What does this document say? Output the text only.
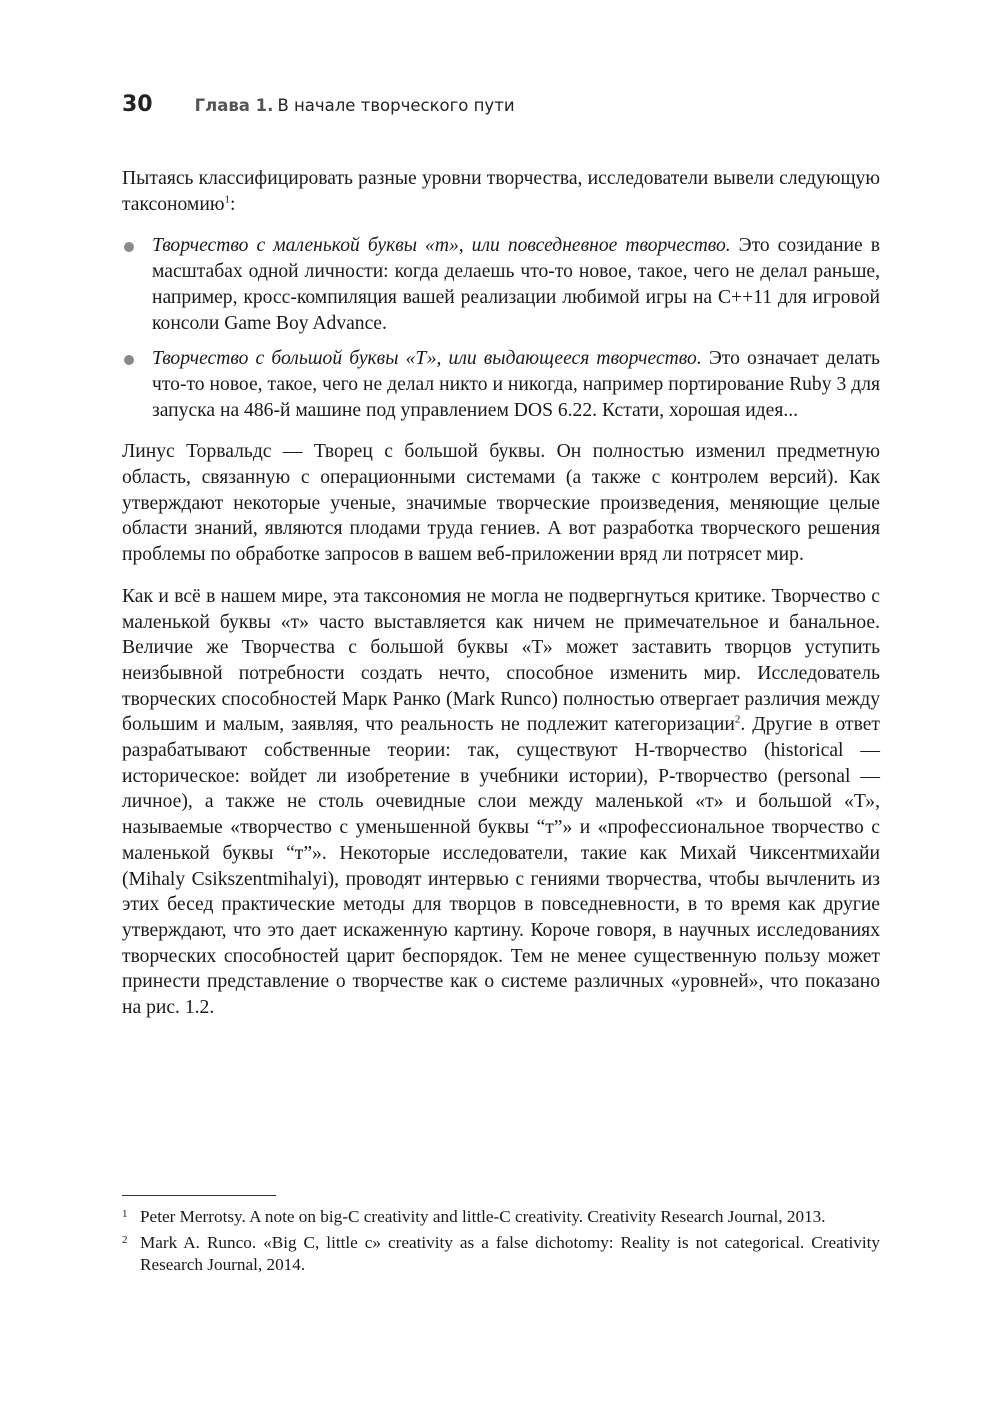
30	Глава 1. В начале творческого пути

Пытаясь классифицировать разные уровни творчества, исследователи вывели следующую таксономию$^1$:

Творчество с маленькой буквы «т», или повседневное творчество. Это созидание в масштабах одной личности: когда делаешь что-то новое, такое, чего не делал раньше, например, кросс-компиляция вашей реализации любимой игры на C++11 для игровой консоли Game Boy Advance.
Творчество с большой буквы «Т», или выдающееся творчество. Это означает делать что-то новое, такое, чего не делал никто и никогда, например портирование Ruby 3 для запуска на 486-й машине под управлением DOS 6.22. Кстати, хорошая идея...

Линус Торвальдс — Творец с большой буквы. Он полностью изменил предметную область, связанную с операционными системами (а также с контролем версий). Как утверждают некоторые ученые, значимые творческие произведения, меняющие целые области знаний, являются плодами труда гениев. А вот разработка творческого решения проблемы по обработке запросов в вашем веб-приложении вряд ли потрясет мир.

Как и всё в нашем мире, эта таксономия не могла не подвергнуться критике. Творчество с маленькой буквы «т» часто выставляется как ничем не примечательное и банальное. Величие же Творчества с большой буквы «Т» может заставить творцов уступить неизбывной потребности создать нечто, способное изменить мир. Исследователь творческих способностей Марк Ранко (Mark Runco) полностью отвергает различия между большим и малым, заявляя, что реальность не подлежит категоризации$^2$. Другие в ответ разрабатывают собственные теории: так, существуют H-творчество (historical — историческое: войдет ли изобретение в учебники истории), P-творчество (personal — личное), а также не столь очевидные слои между маленькой «т» и большой «Т», называемые «творчество с уменьшенной буквы “т”» и «профессиональное творчество с маленькой буквы “т”». Некоторые исследователи, такие как Михай Чиксентмихайи (Mihaly Csikszentmihalyi), проводят интервью с гениями творчества, чтобы вычленить из этих бесед практические методы для творцов в повседневности, в то время как другие утверждают, что это дает искаженную картину. Короче говоря, в научных исследованиях творческих способностей царит беспорядок. Тем не менее существенную пользу может принести представление о творчестве как о системе различных «уровней», что показано на рис. 1.2.

1 Peter Merrotsy. A note on big-C creativity and little-C creativity. Creativity Research Journal, 2013.
2 Mark A. Runco. «Big C, little c» creativity as a false dichotomy: Reality is not categorical. Creativity Research Journal, 2014.
